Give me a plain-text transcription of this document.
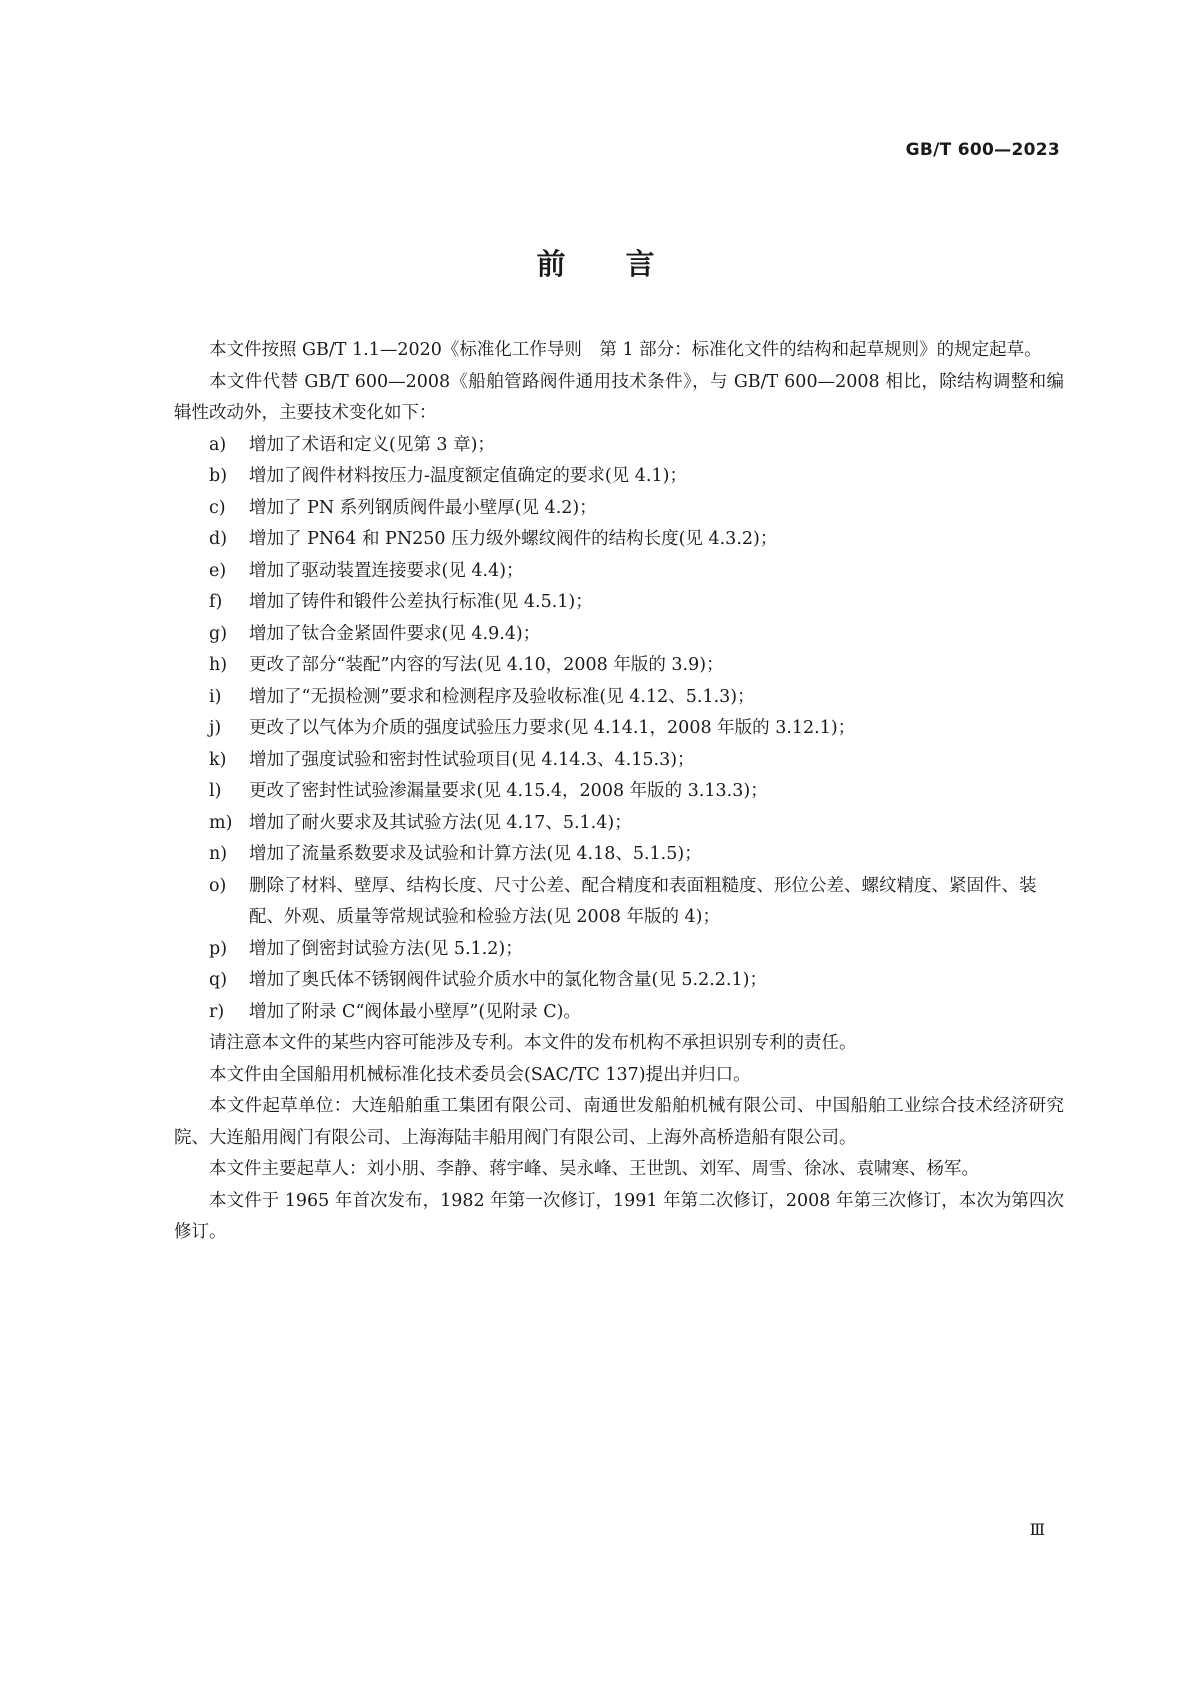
GB/T 600—2023
前言

本文件按照 GB/T 1.1—2020《标准化工作导则　第 1 部分：标准化文件的结构和起草规则》的规定起草。

本文件代替 GB/T 600—2008《船舶管路阀件通用技术条件》，与 GB/T 600—2008 相比，除结构调整和编辑性改动外，主要技术变化如下：

a)	增加了术语和定义(见第 3 章)；
b)	增加了阀件材料按压力-温度额定值确定的要求(见 4.1)；
c)	增加了 PN 系列钢质阀件最小壁厚(见 4.2)；
d)	增加了 PN64 和 PN250 压力级外螺纹阀件的结构长度(见 4.3.2)；
e)	增加了驱动装置连接要求(见 4.4)；
f)	增加了铸件和锻件公差执行标准(见 4.5.1)；
g)	增加了钛合金紧固件要求(见 4.9.4)；
h)	更改了部分“装配”内容的写法(见 4.10，2008 年版的 3.9)；
i)	增加了“无损检测”要求和检测程序及验收标准(见 4.12、5.1.3)；
j)	更改了以气体为介质的强度试验压力要求(见 4.14.1，2008 年版的 3.12.1)；
k)	增加了强度试验和密封性试验项目(见 4.14.3、4.15.3)；
l)	更改了密封性试验渗漏量要求(见 4.15.4，2008 年版的 3.13.3)；
m) 增加了耐火要求及其试验方法(见 4.17、5.1.4)；
n)	增加了流量系数要求及试验和计算方法(见 4.18、5.1.5)；
o)	删除了材料、壁厚、结构长度、尺寸公差、配合精度和表面粗糙度、形位公差、螺纹精度、紧固件、装配、外观、质量等常规试验和检验方法(见 2008 年版的 4)；
p)	增加了倒密封试验方法(见 5.1.2)；
q)	增加了奥氏体不锈钢阀件试验介质水中的氯化物含量(见 5.2.2.1)；
r)	增加了附录 C“阀体最小壁厚”(见附录 C)。

请注意本文件的某些内容可能涉及专利。本文件的发布机构不承担识别专利的责任。

本文件由全国船用机械标准化技术委员会(SAC/TC 137)提出并归口。

本文件起草单位：大连船舶重工集团有限公司、南通世发船舶机械有限公司、中国船舶工业综合技术经济研究院、大连船用阀门有限公司、上海海陆丰船用阀门有限公司、上海外高桥造船有限公司。

本文件主要起草人：刘小朋、李静、蒋宇峰、吴永峰、王世凯、刘军、周雪、徐冰、袁啸寒、杨军。

本文件于 1965 年首次发布，1982 年第一次修订，1991 年第二次修订，2008 年第三次修订，本次为第四次修订。

Ⅲ
